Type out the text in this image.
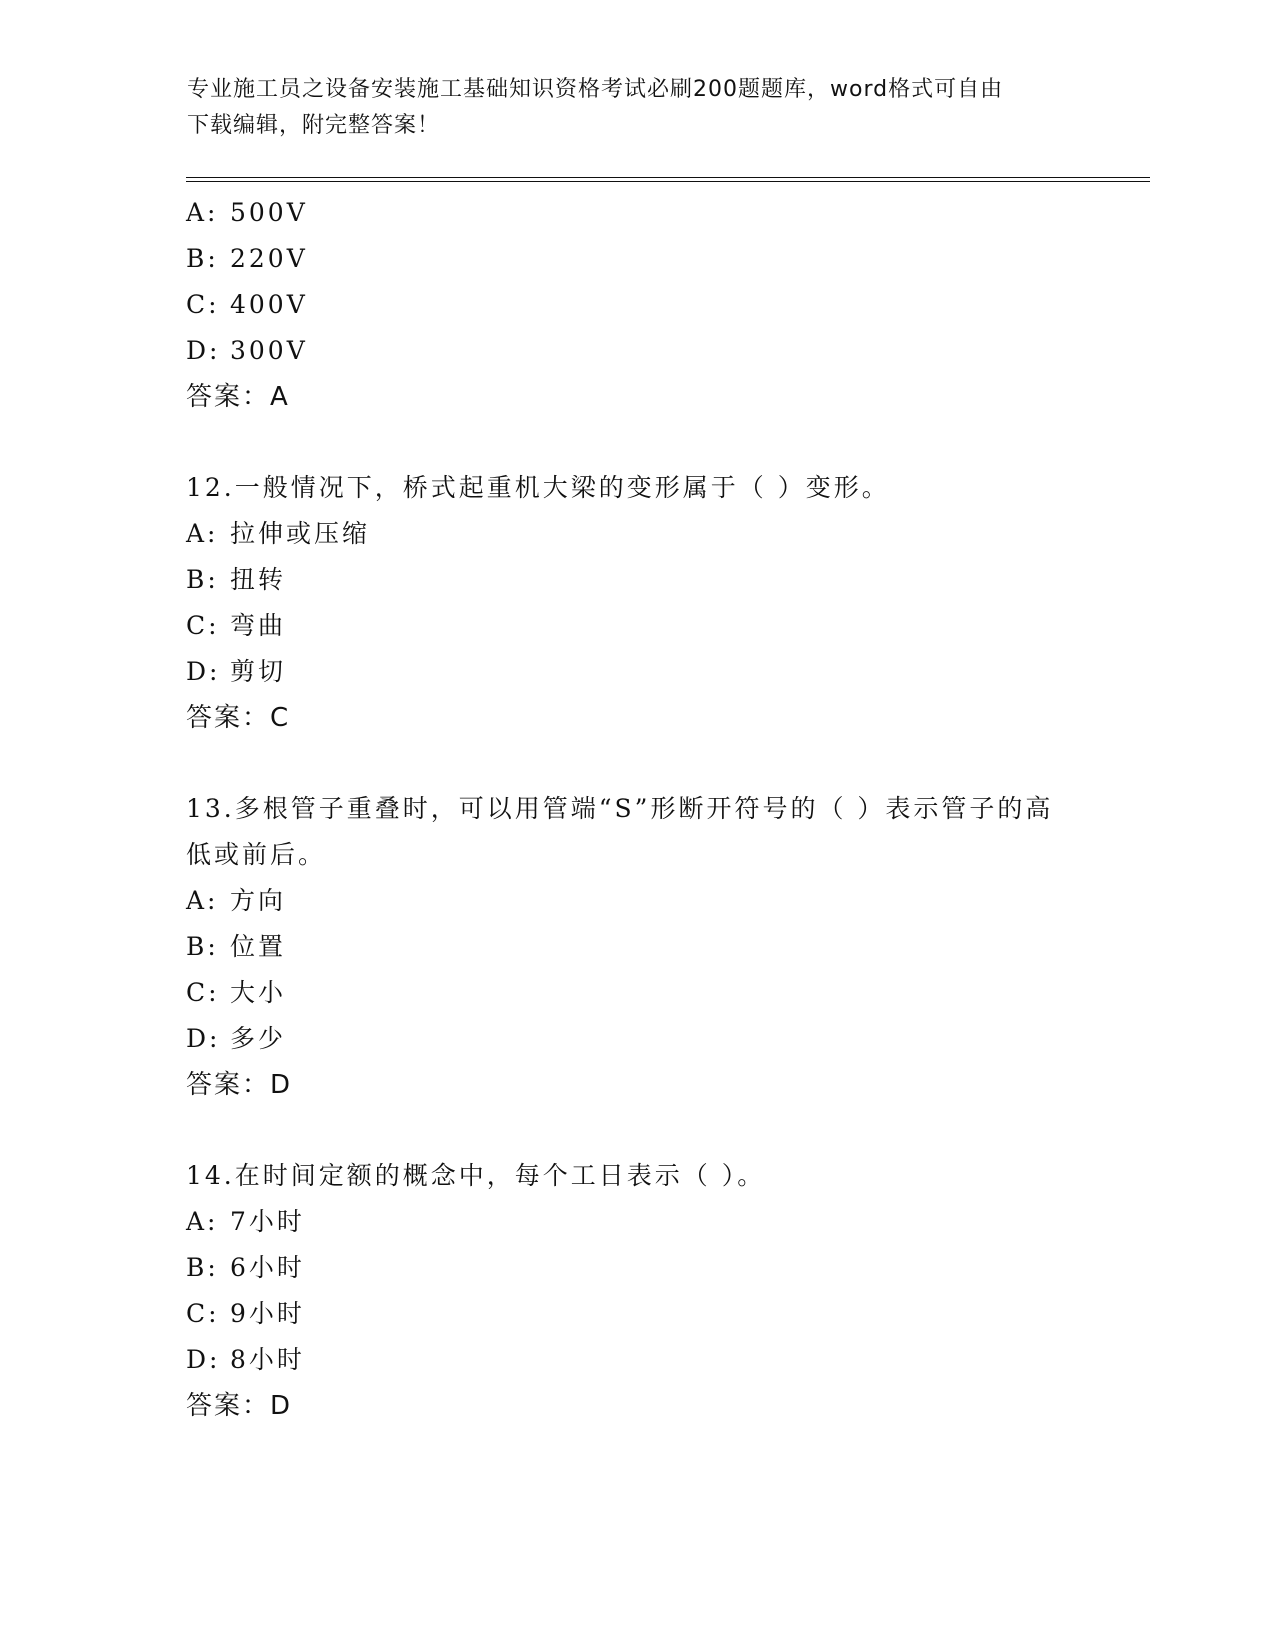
专业施工员之设备安装施工基础知识资格考试必刷200题题库，word格式可自由
下载编辑，附完整答案！
A: 500V
B: 220V
C: 400V
D: 300V
答案：A
12.一般情况下，桥式起重机大梁的变形属于（ ）变形。
A: 拉伸或压缩
B: 扭转
C: 弯曲
D: 剪切
答案：C
13.多根管子重叠时，可以用管端“S”形断开符号的（ ）表示管子的高低或前后。
A: 方向
B: 位置
C: 大小
D: 多少
答案：D
14.在时间定额的概念中，每个工日表示（ ）。
A: 7小时
B: 6小时
C: 9小时
D: 8小时
答案：D
